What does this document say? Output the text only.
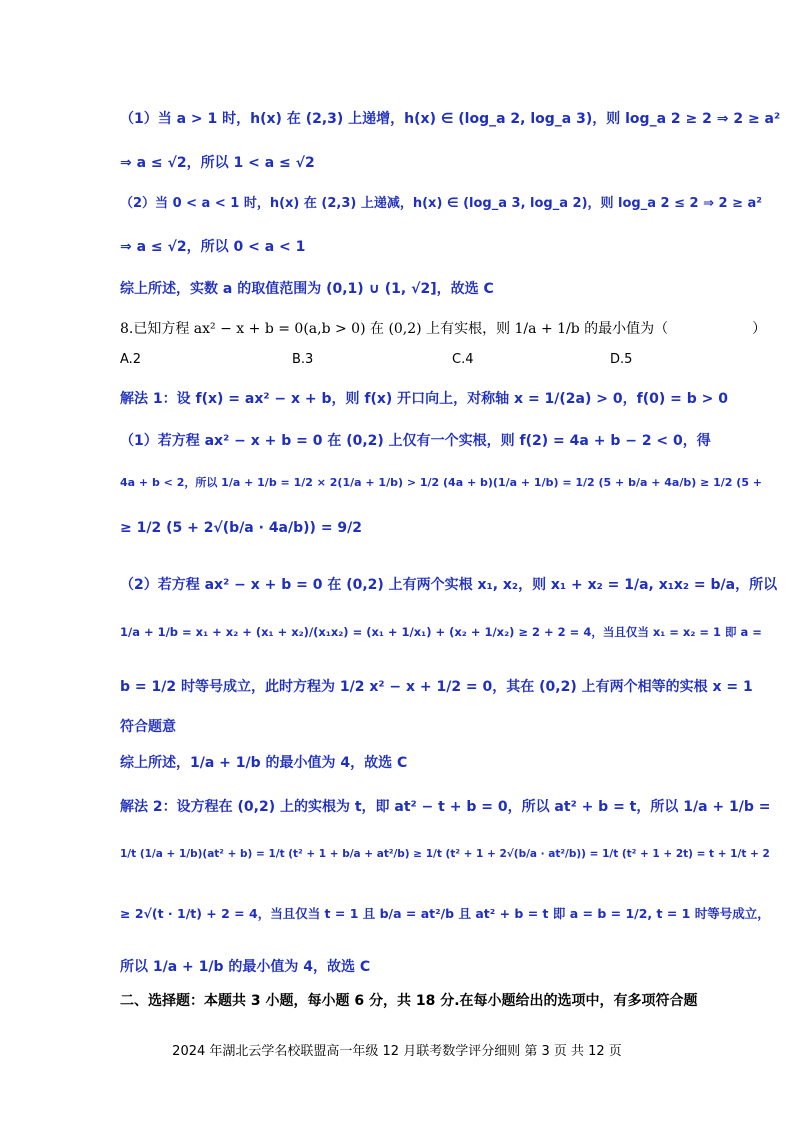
（1）当 a > 1 时，h(x) 在 (2,3) 上递增，h(x) ∈ (log_a 2, log_a 3)，则 log_a 2 ≥ 2 ⇒ 2 ≥ a²
⇒ a ≤ √2，所以 1 < a ≤ √2
（2）当 0 < a < 1 时，h(x) 在 (2,3) 上递减，h(x) ∈ (log_a 3, log_a 2)，则 log_a 2 ≤ 2 ⇒ 2 ≥ a²
⇒ a ≤ √2，所以 0 < a < 1
综上所述，实数 a 的取值范围为 (0,1) ∪ (1, √2]，故选 C
8.已知方程 ax² − x + b = 0(a,b > 0) 在 (0,2) 上有实根，则 1/a + 1/b 的最小值为（　　　　　　）
A.2	B.3	C.4	D.5
解法 1：设 f(x) = ax² − x + b，则 f(x) 开口向上，对称轴 x = 1/(2a) > 0，f(0) = b > 0
（1）若方程 ax² − x + b = 0 在 (0,2) 上仅有一个实根，则 f(2) = 4a + b − 2 < 0，得
4a + b < 2，所以 1/a + 1/b = 1/2 × 2(1/a + 1/b) > 1/2 (4a + b)(1/a + 1/b) = 1/2 (5 + b/a + 4a/b) ≥ 1/2 (5 +
≥ 1/2 (5 + 2√(b/a · 4a/b)) = 9/2
（2）若方程 ax² − x + b = 0 在 (0,2) 上有两个实根 x₁, x₂，则 x₁ + x₂ = 1/a, x₁x₂ = b/a，所以
1/a + 1/b = x₁ + x₂ + (x₁ + x₂)/(x₁x₂) = (x₁ + 1/x₁) + (x₂ + 1/x₂) ≥ 2 + 2 = 4，当且仅当 x₁ = x₂ = 1 即 a =
b = 1/2 时等号成立，此时方程为 1/2 x² − x + 1/2 = 0，其在 (0,2) 上有两个相等的实根 x = 1
符合题意
综上所述，1/a + 1/b 的最小值为 4，故选 C
解法 2：设方程在 (0,2) 上的实根为 t，即 at² − t + b = 0，所以 at² + b = t，所以 1/a + 1/b =
1/t (1/a + 1/b)(at² + b) = 1/t (t² + 1 + b/a + at²/b) ≥ 1/t (t² + 1 + 2√(b/a · at²/b)) = 1/t (t² + 1 + 2t) = t + 1/t + 2
≥ 2√(t · 1/t) + 2 = 4，当且仅当 t = 1 且 b/a = at²/b 且 at² + b = t 即 a = b = 1/2, t = 1 时等号成立，
所以 1/a + 1/b 的最小值为 4，故选 C
二、选择题：本题共 3 小题，每小题 6 分，共 18 分.在每小题给出的选项中，有多项符合题
2024 年湖北云学名校联盟高一年级 12 月联考数学评分细则 第 3 页 共 12 页
